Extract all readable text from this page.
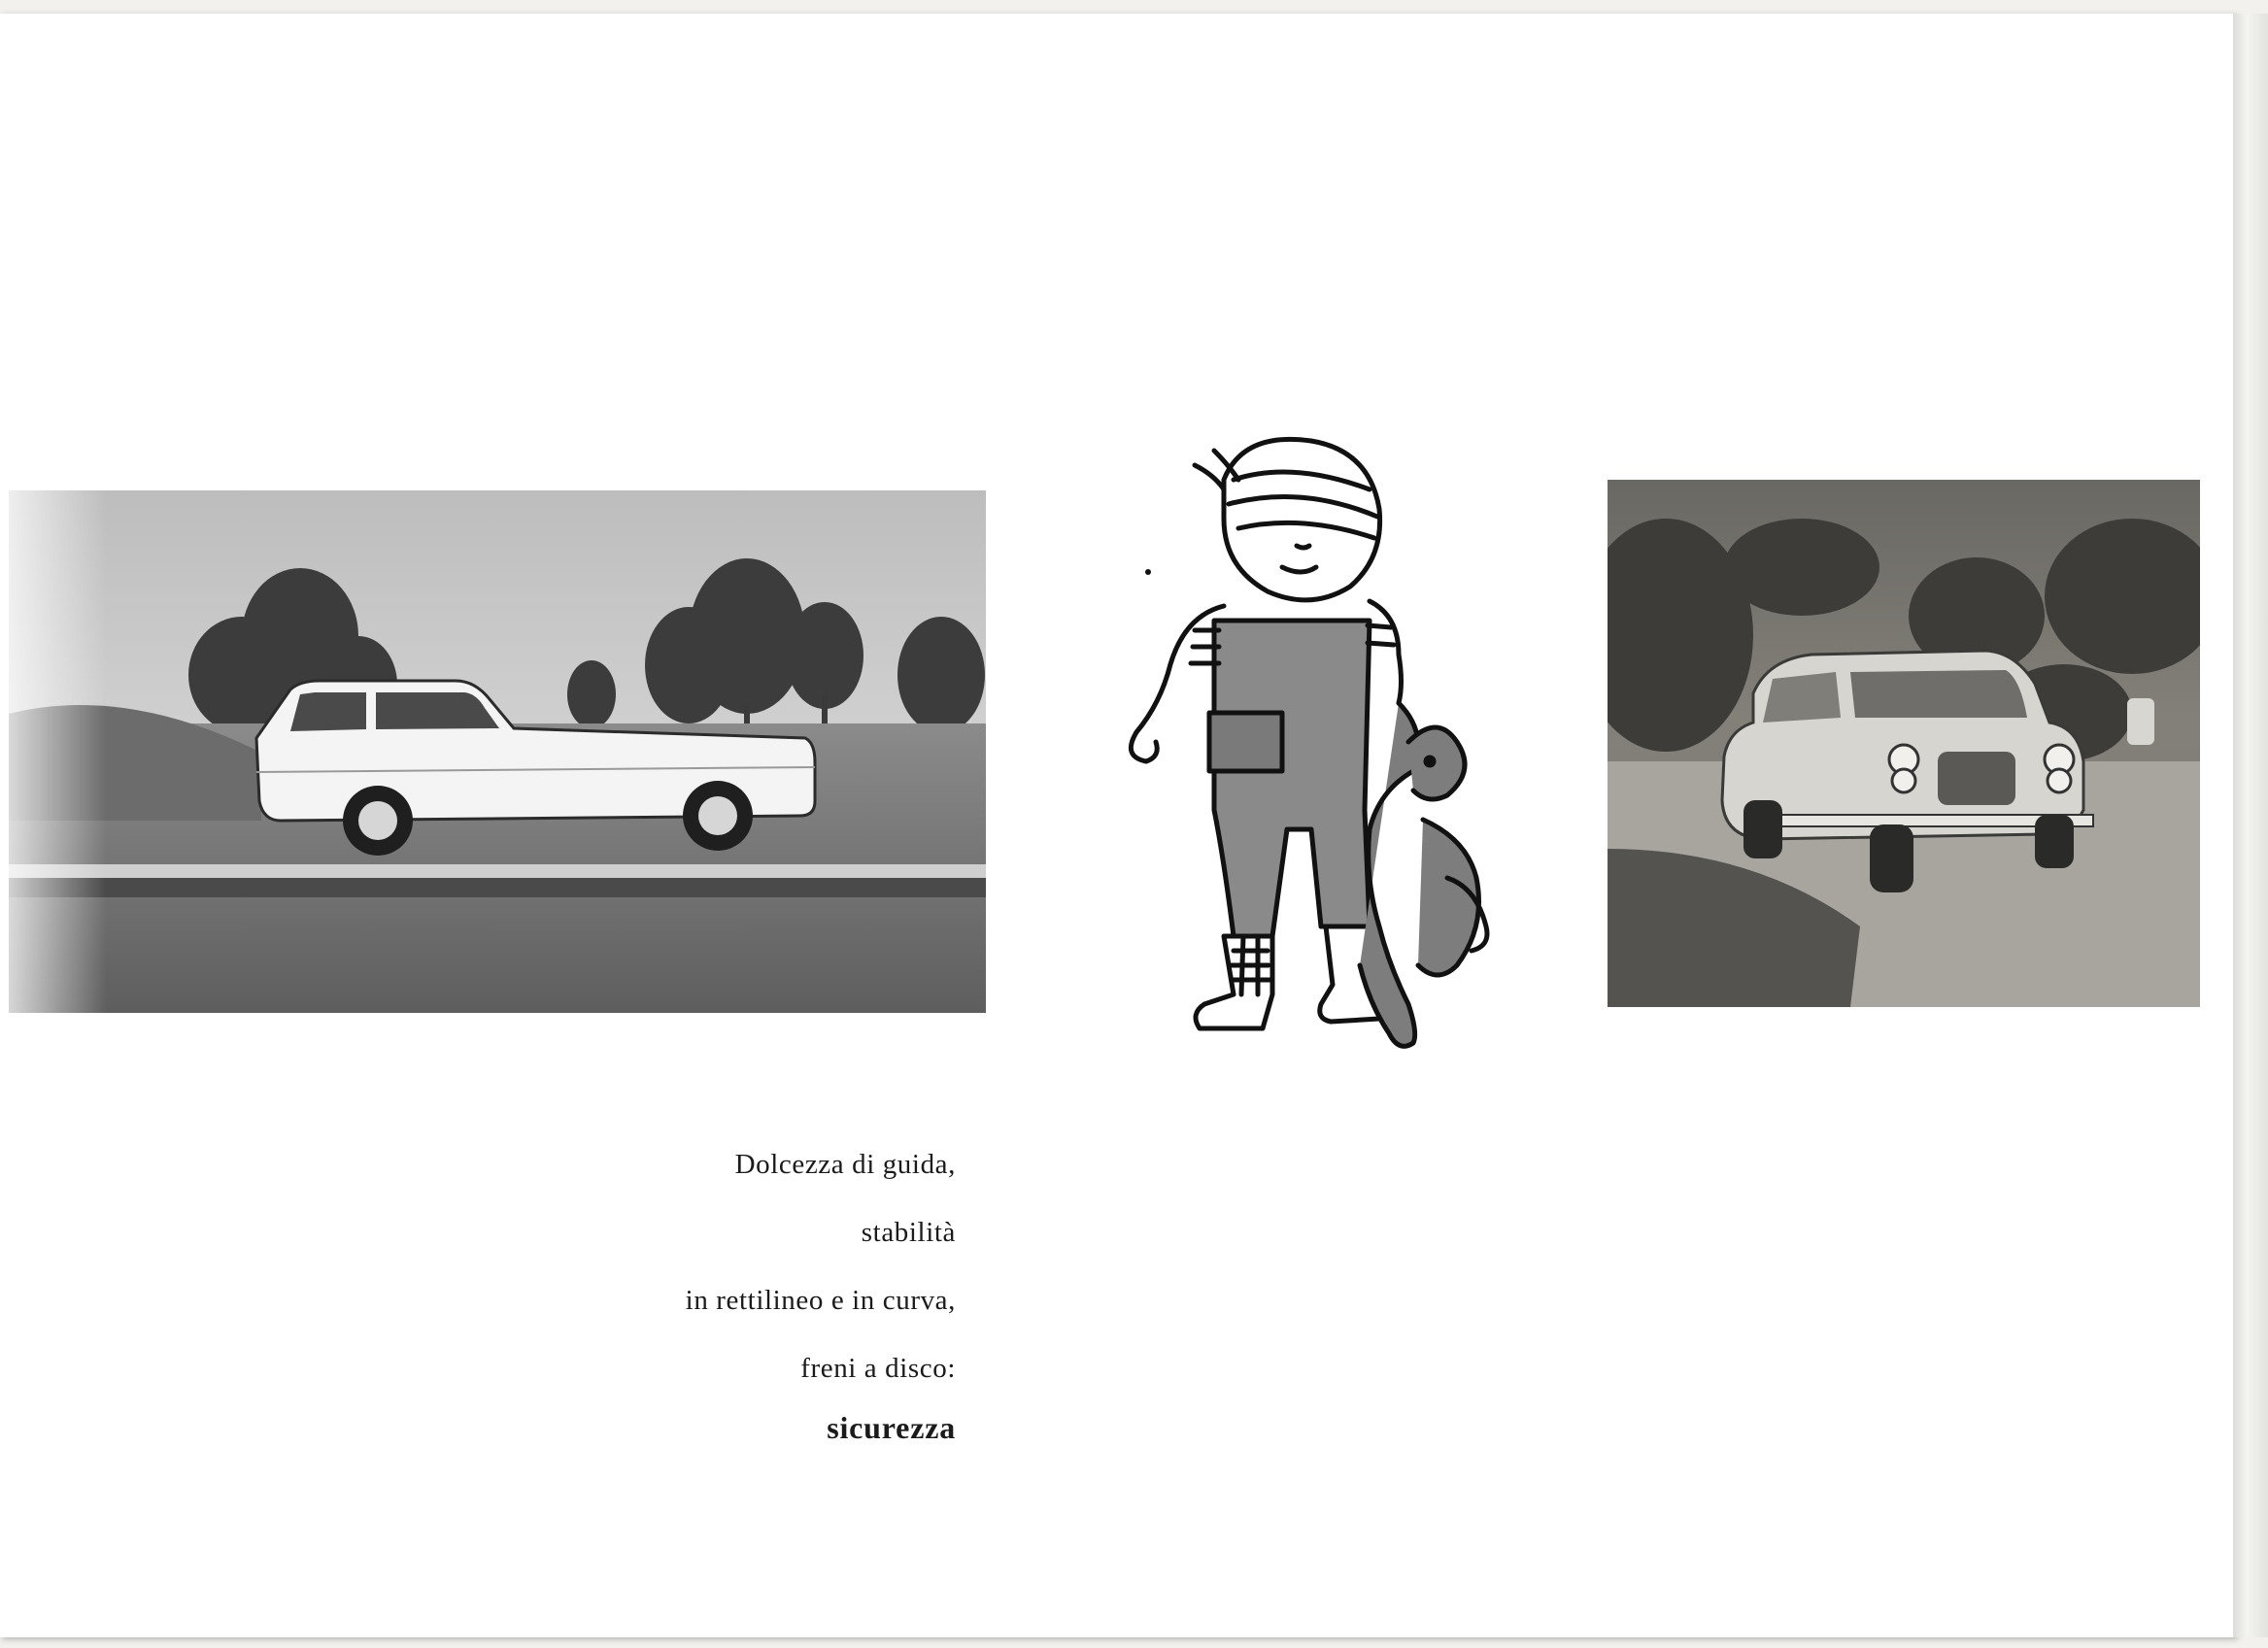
Dolcezza di guida,
stabilità
in rettilineo e in curva,
freni a disco:
sicurezza
